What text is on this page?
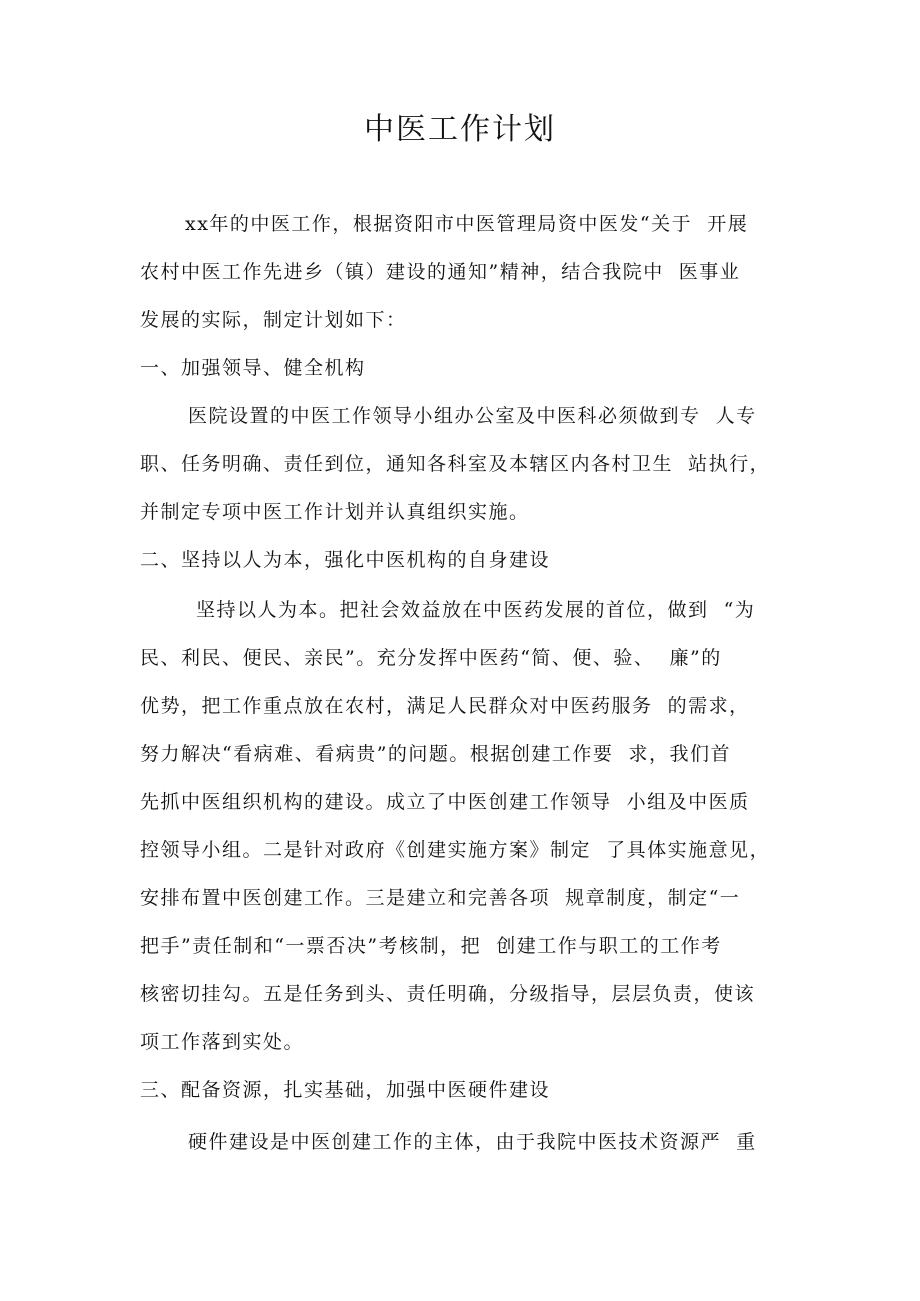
中医工作计划
xx年的中医工作，根据资阳市中医管理局资中医发“关于  开展
农村中医工作先进乡（镇）建设的通知”精神，结合我院中  医事业
发展的实际，制定计划如下：
一、加强领导、健全机构
医院设置的中医工作领导小组办公室及中医科必须做到专  人专
职、任务明确、责任到位，通知各科室及本辖区内各村卫生  站执行，
并制定专项中医工作计划并认真组织实施。
二、坚持以人为本，强化中医机构的自身建设
坚持以人为本。把社会效益放在中医药发展的首位，做到  “为
民、利民、便民、亲民”。充分发挥中医药“简、便、验、  廉”的
优势，把工作重点放在农村，满足人民群众对中医药服务  的需求，
努力解决“看病难、看病贵”的问题。根据创建工作要  求，我们首
先抓中医组织机构的建设。成立了中医创建工作领导  小组及中医质
控领导小组。二是针对政府《创建实施方案》制定  了具体实施意见，
安排布置中医创建工作。三是建立和完善各项  规章制度，制定“一
把手”责任制和“一票否决”考核制，把  创建工作与职工的工作考
核密切挂勾。五是任务到头、责任明确，分级指导，层层负责，使该
项工作落到实处。
三、配备资源，扎实基础，加强中医硬件建设
硬件建设是中医创建工作的主体，由于我院中医技术资源严  重
